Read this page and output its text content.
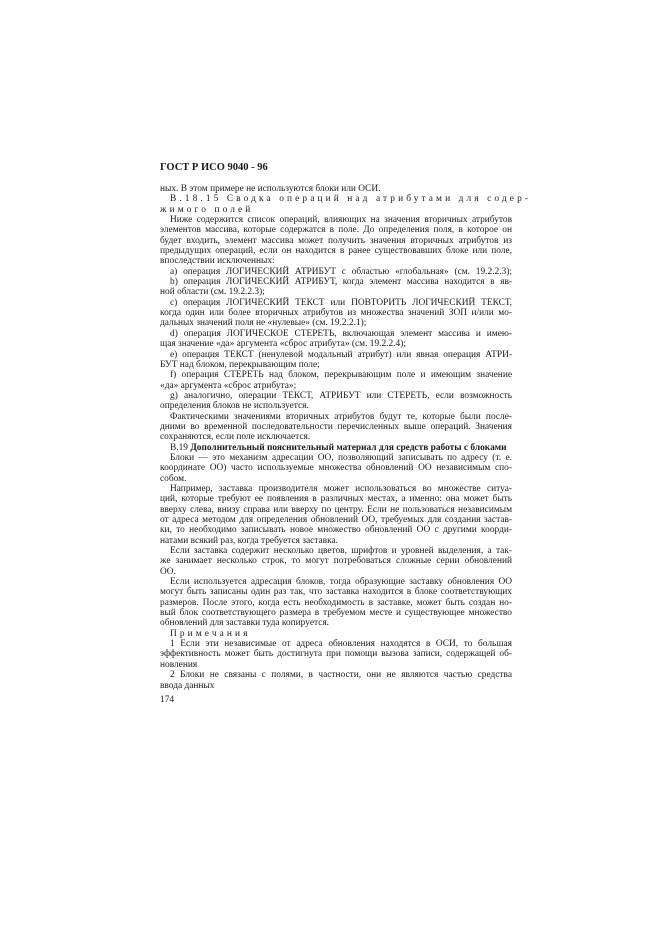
ГОСТ Р ИСО 9040 - 96
ных. В этом примере не используются блоки или ОСИ.
В.18.15 Сводка операций над атрибутами для содер-
жимого полей
Ниже содержится список операций, влияющих на значения вторичных атрибутов
элементов массива, которые содержатся в поле. До определения поля, в которое он
будет входить, элемент массива может получить значения вторичных атрибутов из
предыдущих операций, если он находится в ранее существовавших блоке или поле,
впоследствии исключенных:
а) операция ЛОГИЧЕСКИЙ АТРИБУТ с областью «глобальная» (см. 19.2.2.3);
b) операция ЛОГИЧЕСКИЙ АТРИБУТ, когда элемент массива находится в яв-
ной области (см. 19.2.2.3);
с) операция ЛОГИЧЕСКИЙ ТЕКСТ или ПОВТОРИТЬ ЛОГИЧЕСКИЙ ТЕКСТ,
когда один или более вторичных атрибутов из множества значений ЗОП и/или мо-
дальных значений поля не «нулевые» (см. 19.2.2.1);
d) операция ЛОГИЧЕСКОЕ СТЕРЕТЬ, включающая элемент массива и имею-
щая значение «да» аргумента «сброс атрибута» (см. 19.2.2.4);
е) операция ТЕКСТ (ненулевой модальный атрибут) или явная операция АТРИ-
БУТ над блоком, перекрывающим поле;
f) операция СТЕРЕТЬ над блоком, перекрывающим поле и имеющим значение
«да» аргумента «сброс атрибута»;
g) аналогично, операции ТЕКСТ, АТРИБУТ или СТЕРЕТЬ, если возможность
определения блоков не используется.
Фактическими значениями вторичных атрибутов будут те, которые были после-
дними во временной последовательности перечисленных выше операций. Значения
сохраняются, если поле исключается.
В.19 Дополнительный пояснительный материал для средств работы с блоками
Блоки — это механизм адресации ОО, позволяющий записывать по адресу (т. е.
координате ОО) часто используемые множества обновлений ОО независимым спо-
собом.
Например, заставка производителя может использоваться во множестве ситуа-
ций, которые требуют ее появления в различных местах, а именно: она может быть
вверху слева, внизу справа или вверху по центру. Если не пользоваться независимым
от адреса методом для определения обновлений ОО, требуемых для создания застав-
ки, то необходимо записывать новое множество обновлений ОО с другими коорди-
натами всякий раз, когда требуется заставка.
Если заставка содержит несколько цветов, шрифтов и уровней выделения, а так-
же занимает несколько строк, то могут потребоваться сложные серии обновлений
ОО.
Если используется адресация блоков, тогда образующие заставку обновления ОО
могут быть записаны один раз так, что заставка находится в блоке соответствующих
размеров. После этого, когда есть необходимость в заставке, может быть создан но-
вый блок соответствующего размера в требуемом месте и существующее множество
обновлений для заставки туда копируется.
Примечания
1 Если эти независимые от адреса обновления находятся в ОСИ, то большая
эффективность может быть достигнута при помощи вызова записи, содержащей об-
новления
2 Блоки не связаны с полями, в частности, они не являются частью средства
ввода данных
174
